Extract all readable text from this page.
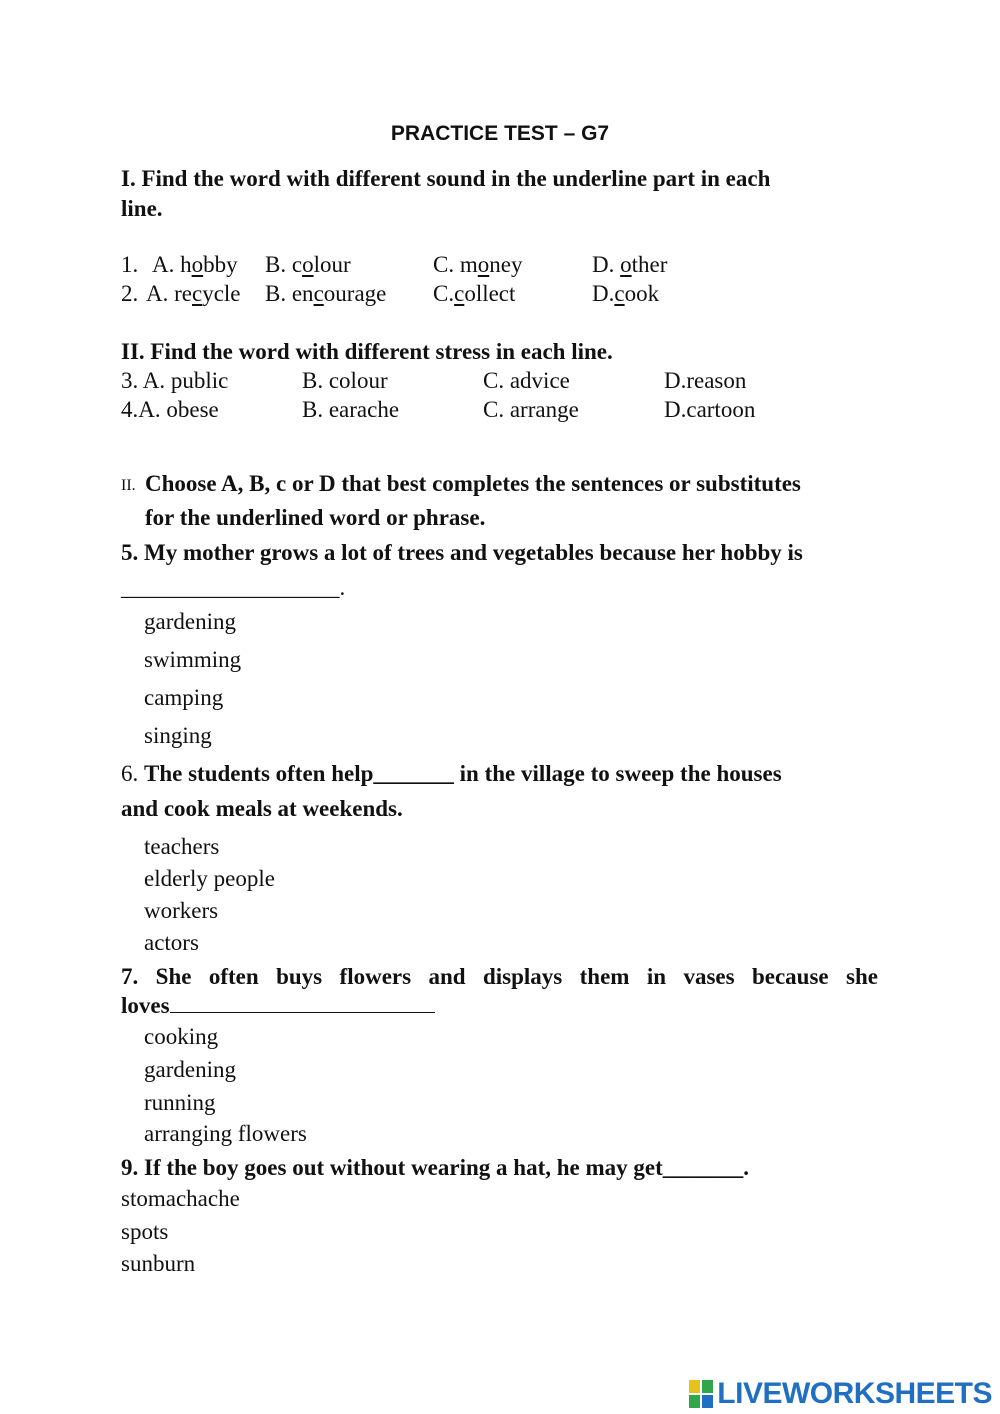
PRACTICE TEST – G7
I. Find the word with different sound in the underline part in each
line.
1. A. hobby B. colour	C. money	D. other
2. A. recycle B. encourage C.collect	D.cook
II. Find the word with different stress in each line.
3. A. public	B. colour	C. advice	D.reason
4.A. obese	B. earache	C. arrange	D.cartoon
II. Choose A, B, c or D that best completes the sentences or substitutes
for the underlined word or phrase.
5. My mother grows a lot of trees and vegetables because her hobby is
___________________.
gardening
swimming
camping
singing
6. The students often help_______ in the village to sweep the houses
and cook meals at weekends.
teachers
elderly people
workers
actors
7. She often buys flowers and displays them in vases because she
loves
cooking
gardening
running
arranging flowers
9. If the boy goes out without wearing a hat, he may get_______.
stomachache
spots
sunburn
LIVEWORKSHEETS
